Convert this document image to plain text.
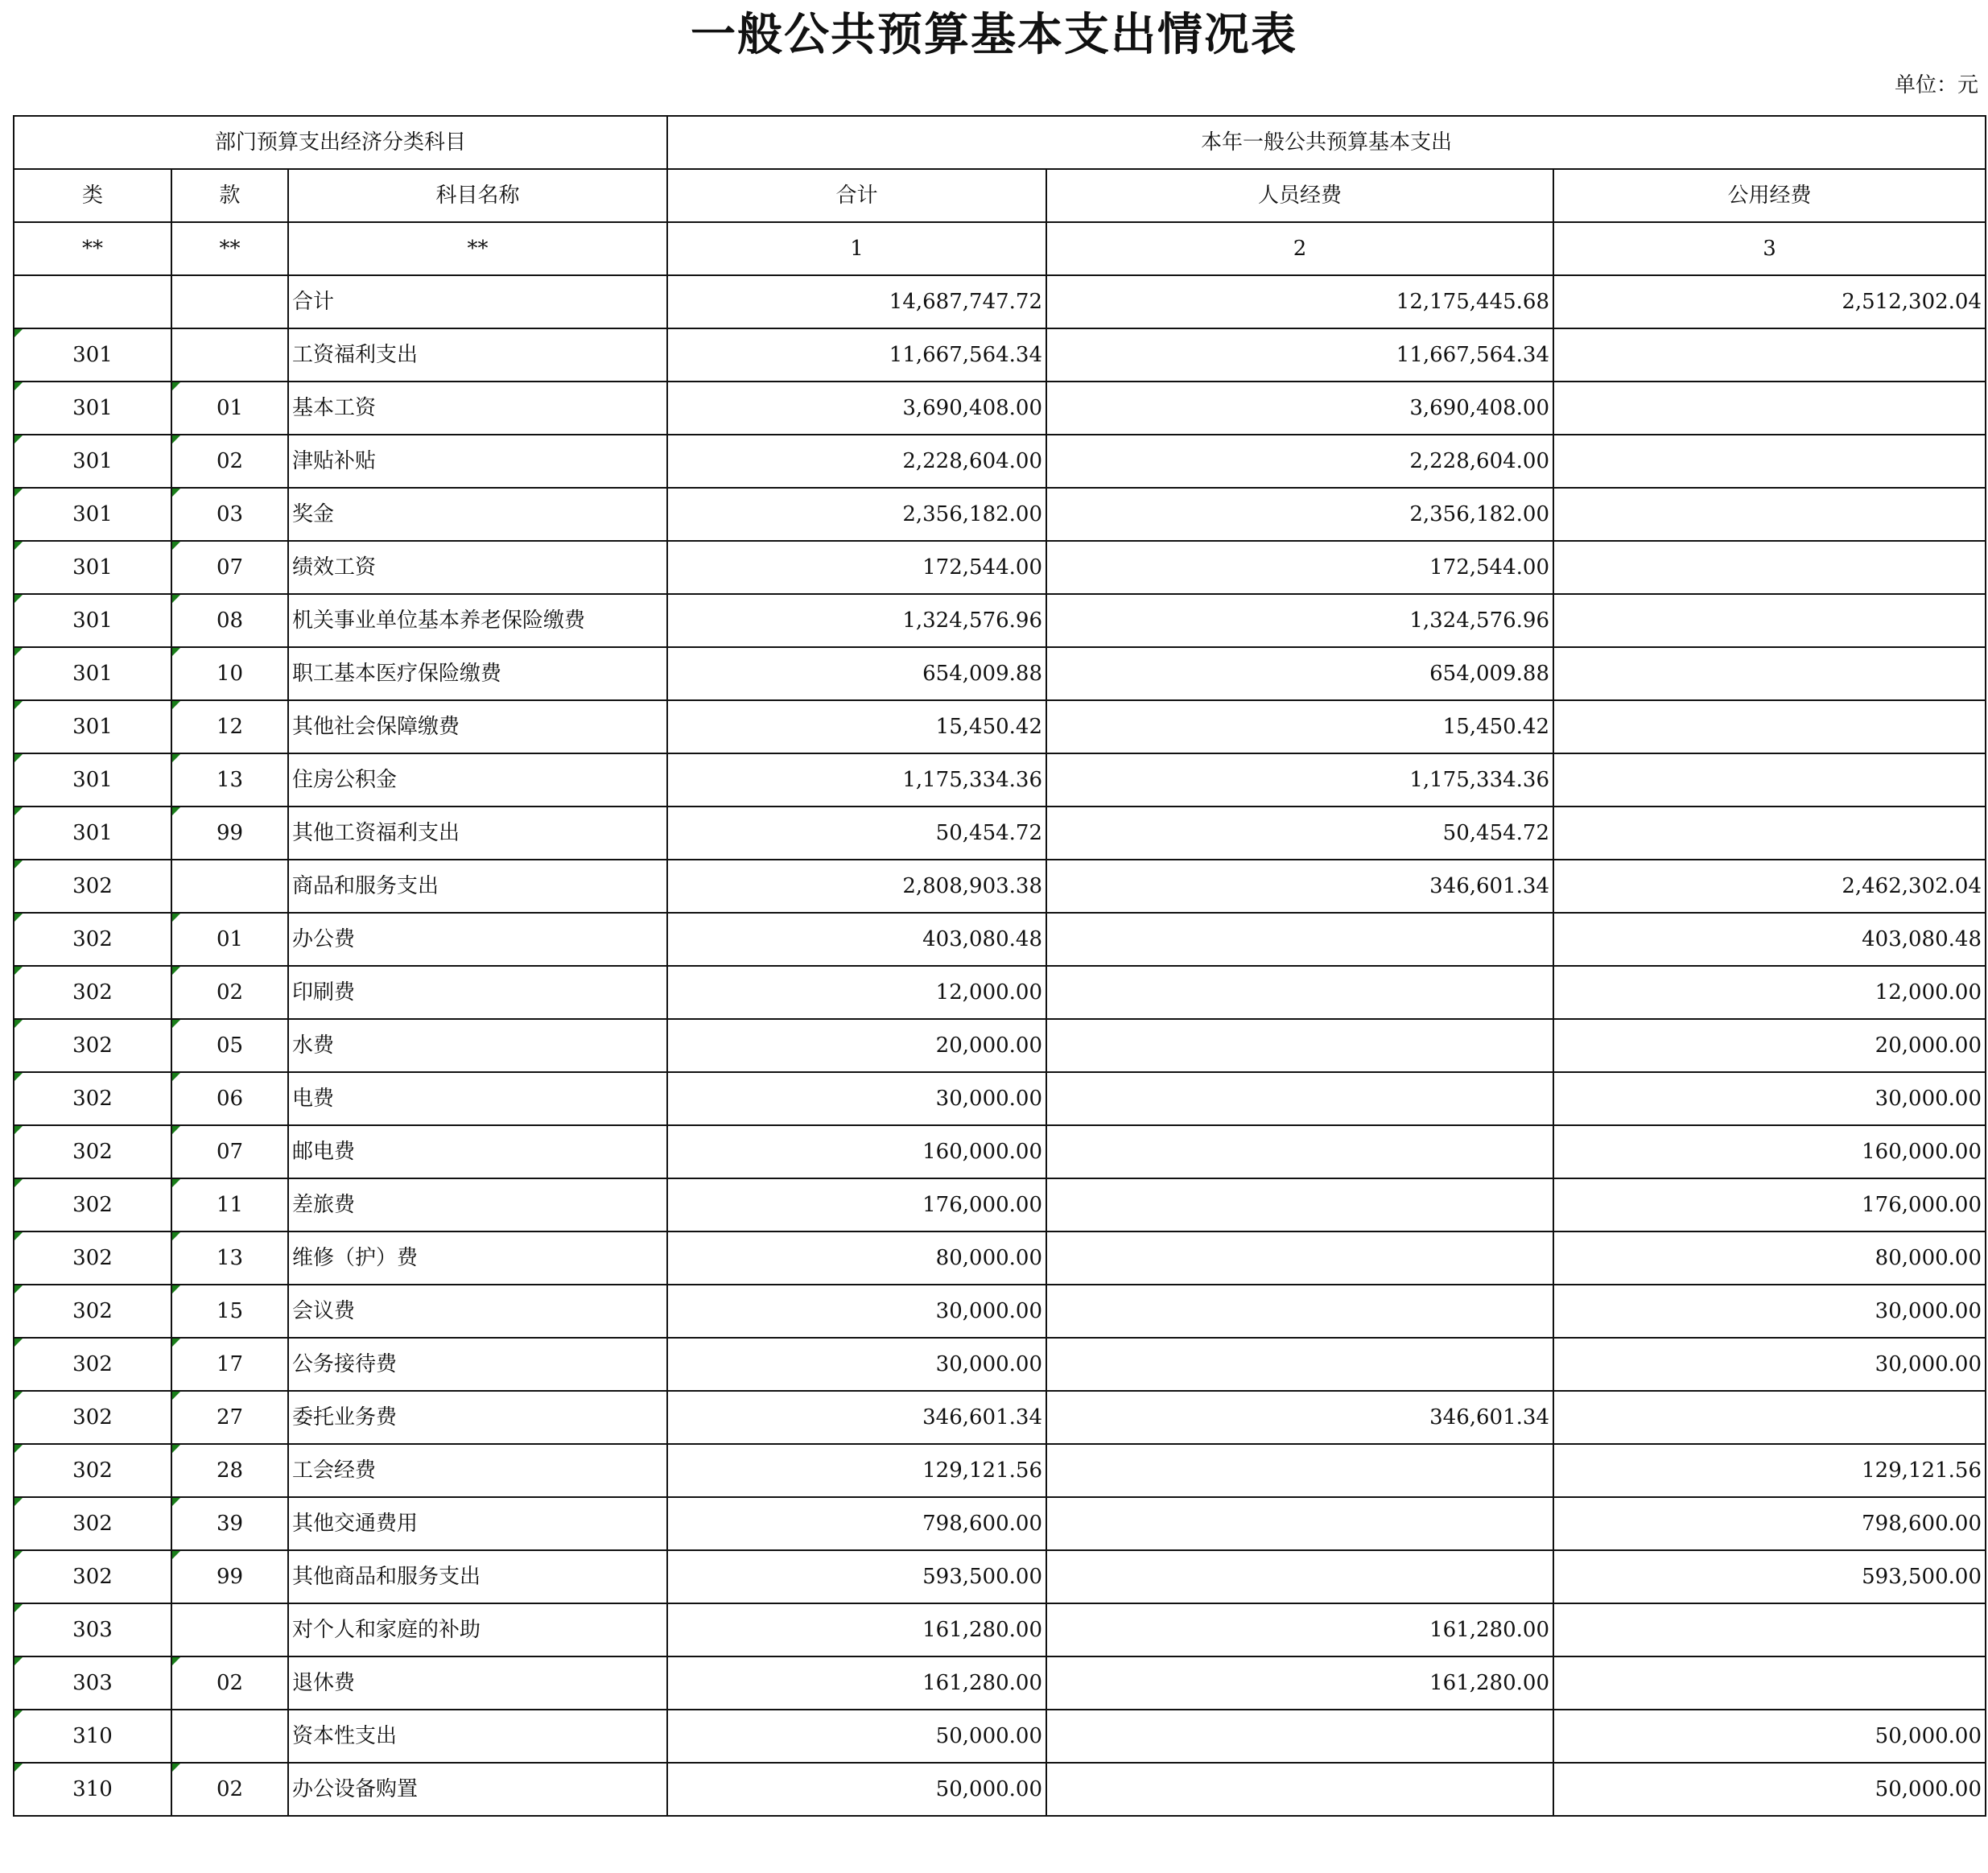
一般公共预算基本支出情况表
单位：元
部门预算支出经济分类科目			本年一般公共预算基本支出		
类	款	科目名称	合计	人员经费	公用经费
**	**	**	1	2	3
		合计	14,687,747.72	12,175,445.68	2,512,302.04
301		工资福利支出	11,667,564.34	11,667,564.34	
301	01	基本工资	3,690,408.00	3,690,408.00	
301	02	津贴补贴	2,228,604.00	2,228,604.00	
301	03	奖金	2,356,182.00	2,356,182.00	
301	07	绩效工资	172,544.00	172,544.00	
301	08	机关事业单位基本养老保险缴费	1,324,576.96	1,324,576.96	
301	10	职工基本医疗保险缴费	654,009.88	654,009.88	
301	12	其他社会保障缴费	15,450.42	15,450.42	
301	13	住房公积金	1,175,334.36	1,175,334.36	
301	99	其他工资福利支出	50,454.72	50,454.72	
302		商品和服务支出	2,808,903.38	346,601.34	2,462,302.04
302	01	办公费	403,080.48		403,080.48
302	02	印刷费	12,000.00		12,000.00
302	05	水费	20,000.00		20,000.00
302	06	电费	30,000.00		30,000.00
302	07	邮电费	160,000.00		160,000.00
302	11	差旅费	176,000.00		176,000.00
302	13	维修（护）费	80,000.00		80,000.00
302	15	会议费	30,000.00		30,000.00
302	17	公务接待费	30,000.00		30,000.00
302	27	委托业务费	346,601.34	346,601.34	
302	28	工会经费	129,121.56		129,121.56
302	39	其他交通费用	798,600.00		798,600.00
302	99	其他商品和服务支出	593,500.00		593,500.00
303		对个人和家庭的补助	161,280.00	161,280.00	
303	02	退休费	161,280.00	161,280.00	
310		资本性支出	50,000.00		50,000.00
310	02	办公设备购置	50,000.00		50,000.00
